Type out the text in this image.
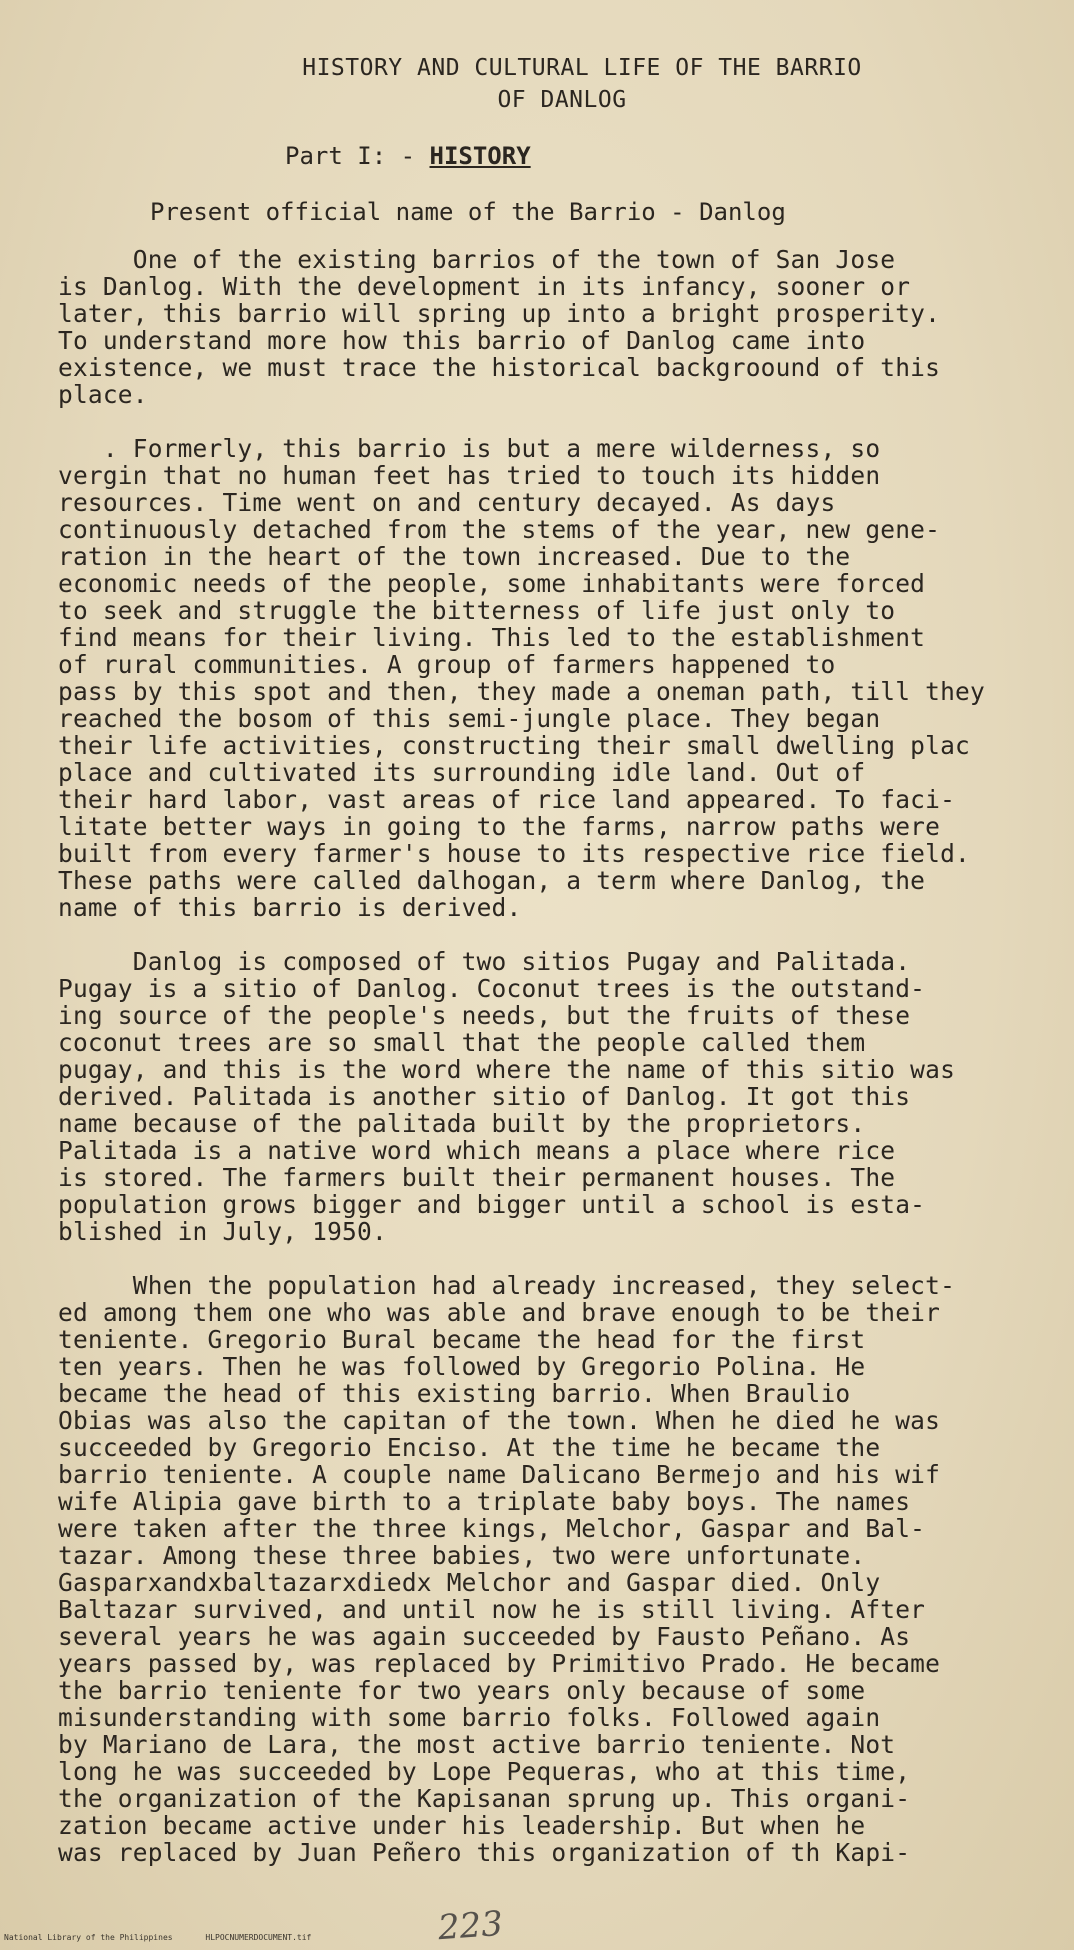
HISTORY AND CULTURAL LIFE OF THE BARRIO
OF DANLOG
Part I: - HISTORY
Present official name of the Barrio - Danlog
One of the existing barrios of the town of San Jose
is Danlog. With the development in its infancy, sooner or
later, this barrio will spring up into a bright prosperity.
To understand more how this barrio of Danlog came into
existence, we must trace the historical backgroound of this
place.
. Formerly, this barrio is but a mere wilderness, so
vergin that no human feet has tried to touch its hidden
resources. Time went on and century decayed. As days
continuously detached from the stems of the year, new gene-
ration in the heart of the town increased. Due to the
economic needs of the people, some inhabitants were forced
to seek and struggle the bitterness of life just only to
find means for their living. This led to the establishment
of rural communities. A group of farmers happened to
pass by this spot and then, they made a oneman path, till they
reached the bosom of this semi-jungle place. They began
their life activities, constructing their small dwelling plac
place and cultivated its surrounding idle land. Out of
their hard labor, vast areas of rice land appeared. To faci-
litate better ways in going to the farms, narrow paths were
built from every farmer's house to its respective rice field.
These paths were called dalhogan, a term where Danlog, the
name of this barrio is derived.
Danlog is composed of two sitios Pugay and Palitada.
Pugay is a sitio of Danlog. Coconut trees is the outstand-
ing source of the people's needs, but the fruits of these
coconut trees are so small that the people called them
pugay, and this is the word where the name of this sitio was
derived. Palitada is another sitio of Danlog. It got this
name because of the palitada built by the proprietors.
Palitada is a native word which means a place where rice
is stored. The farmers built their permanent houses. The
population grows bigger and bigger until a school is esta-
blished in July, 1950.
When the population had already increased, they select-
ed among them one who was able and brave enough to be their
teniente. Gregorio Bural became the head for the first
ten years. Then he was followed by Gregorio Polina. He
became the head of this existing barrio. When Braulio
Obias was also the capitan of the town. When he died he was
succeeded by Gregorio Enciso. At the time he became the
barrio teniente. A couple name Dalicano Bermejo and his wif
wife Alipia gave birth to a triplate baby boys. The names
were taken after the three kings, Melchor, Gaspar and Bal-
tazar. Among these three babies, two were unfortunate.
Gasparxandxbaltazarxdiedx Melchor and Gaspar died. Only
Baltazar survived, and until now he is still living. After
several years he was again succeeded by Fausto Peñano. As
years passed by, was replaced by Primitivo Prado. He became
the barrio teniente for two years only because of some
misunderstanding with some barrio folks. Followed again
by Mariano de Lara, the most active barrio teniente. Not
long he was succeeded by Lope Pequeras, who at this time,
the organization of the Kapisanan sprung up. This organi-
zation became active under his leadership. But when he
was replaced by Juan Peñero this organization of th Kapi-
223
National Library of the Philippines	HLPOCNUMERDOCUMENT.tif
